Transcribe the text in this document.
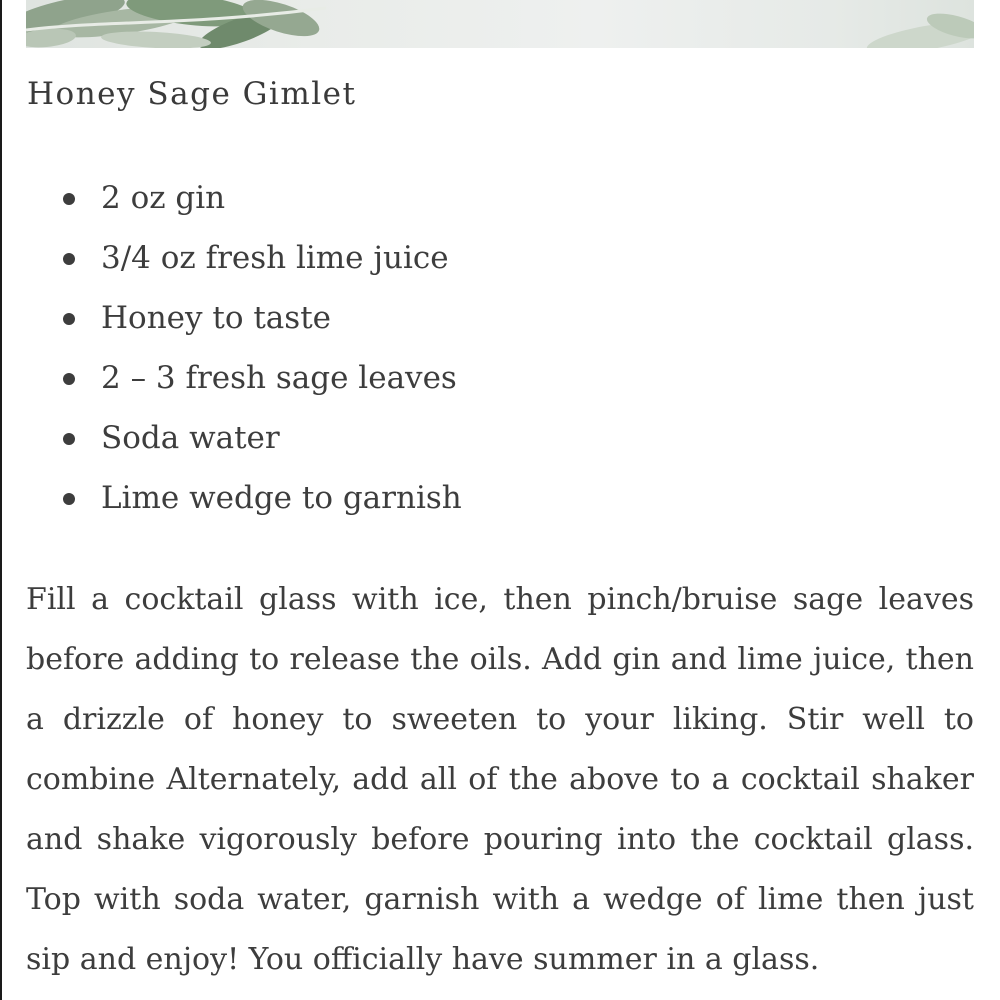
Honey Sage Gimlet
2 oz gin
3/4 oz fresh lime juice
Honey to taste
2 – 3 fresh sage leaves
Soda water
Lime wedge to garnish

Fill a cocktail glass with ice, then pinch/bruise sage leaves before adding to release the oils. Add gin and lime juice, then a drizzle of honey to sweeten to your liking. Stir well to combine Alternately, add all of the above to a cocktail shaker and shake vigorously before pouring into the cocktail glass. Top with soda water, garnish with a wedge of lime then just sip and enjoy! You officially have summer in a glass.
